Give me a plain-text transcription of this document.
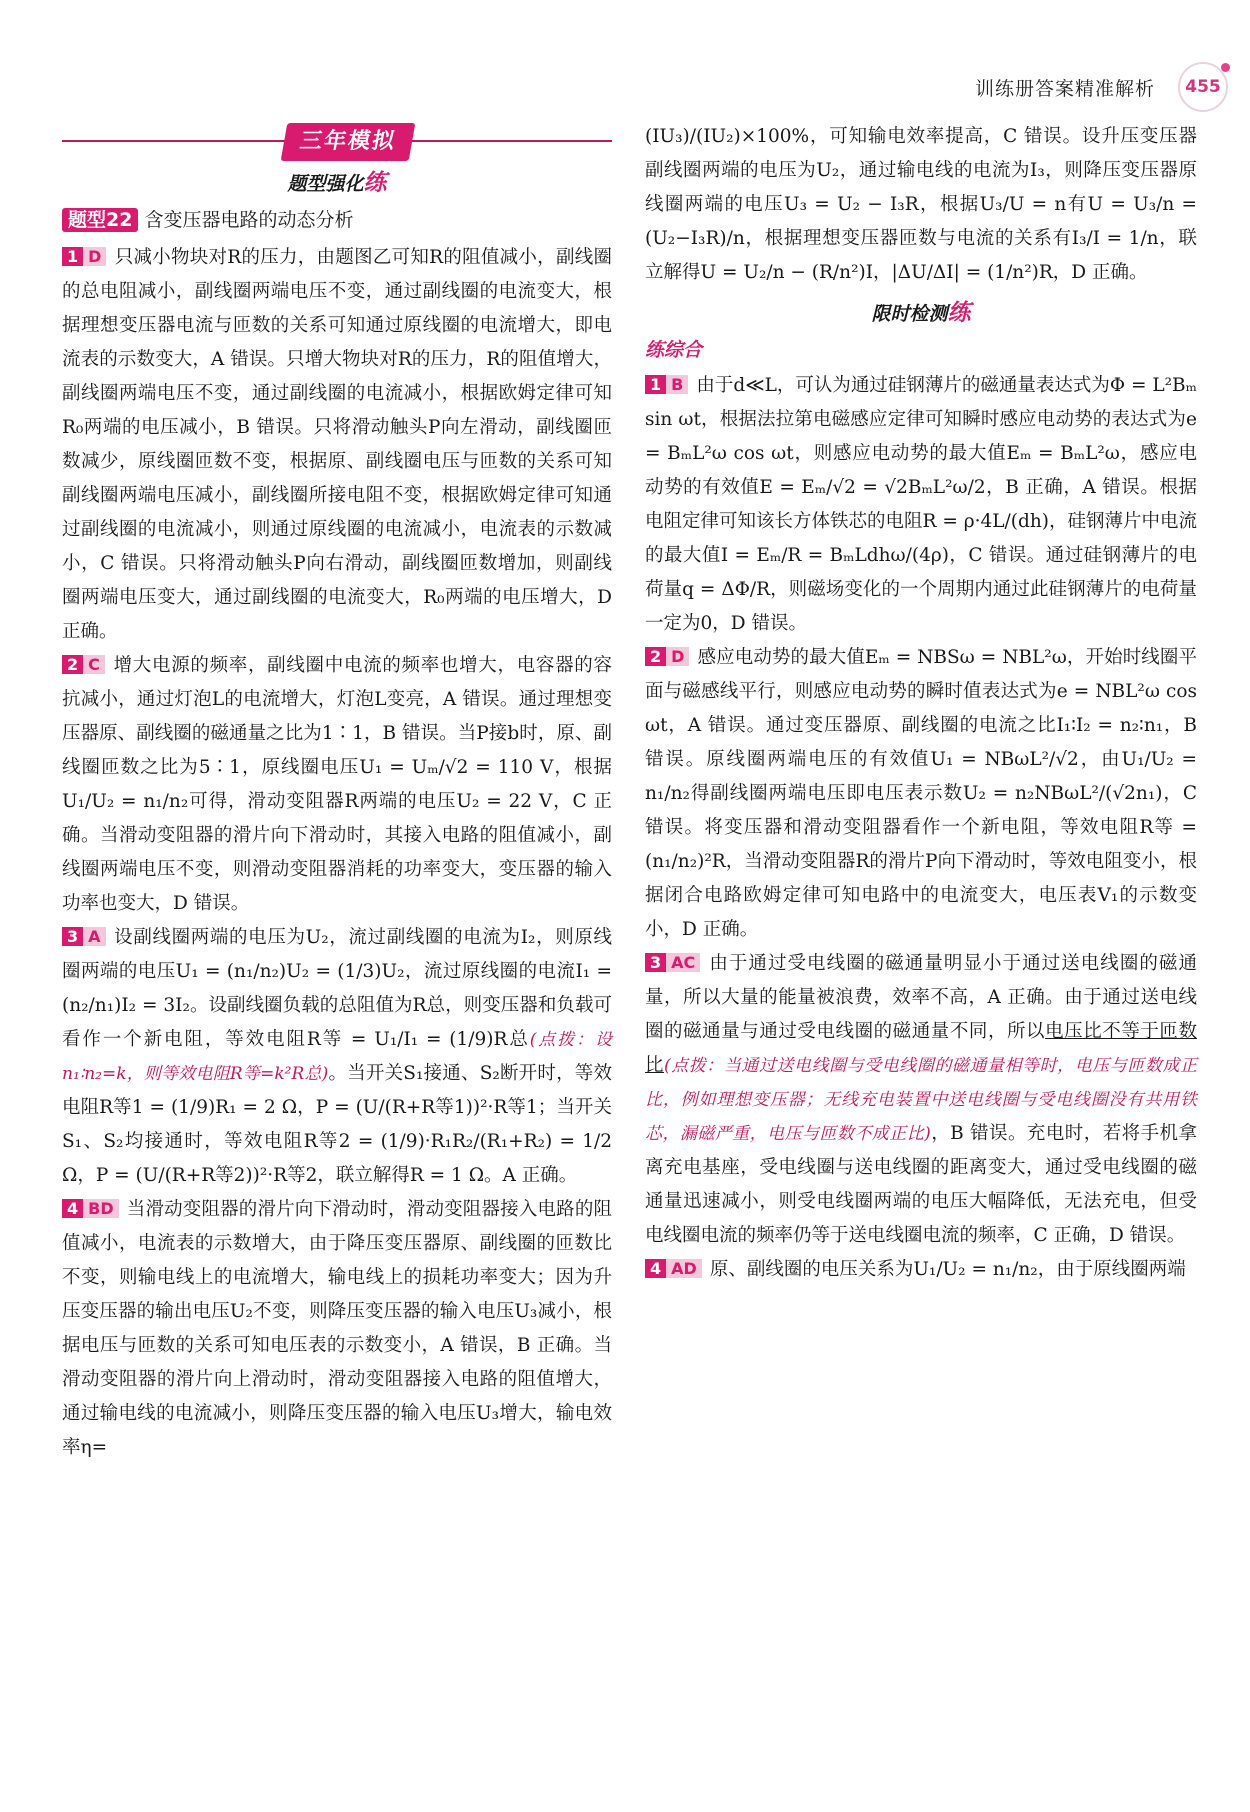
训练册答案精准解析	455
三年模拟
题型强化练
题型22 含变压器电路的动态分析

1 D 只减小物块对R的压力，由题图乙可知R的阻值减小，副线圈的总电阻减小，副线圈两端电压不变，通过副线圈的电流变大，根据理想变压器电流与匝数的关系可知通过原线圈的电流增大，即电流表的示数变大，A 错误。只增大物块对R的压力，R的阻值增大，副线圈两端电压不变，通过副线圈的电流减小，根据欧姆定律可知R₀两端的电压减小，B 错误。只将滑动触头P向左滑动，副线圈匝数减少，原线圈匝数不变，根据原、副线圈电压与匝数的关系可知副线圈两端电压减小，副线圈所接电阻不变，根据欧姆定律可知通过副线圈的电流减小，则通过原线圈的电流减小，电流表的示数减小，C 错误。只将滑动触头P向右滑动，副线圈匝数增加，则副线圈两端电压变大，通过副线圈的电流变大，R₀两端的电压增大，D 正确。

2 C 增大电源的频率，副线圈中电流的频率也增大，电容器的容抗减小，通过灯泡L的电流增大，灯泡L变亮，A 错误。通过理想变压器原、副线圈的磁通量之比为1∶1，B 错误。当P接b时，原、副线圈匝数之比为5∶1，原线圈电压U₁ = Uₘ/√2 = 110 V，根据U₁/U₂ = n₁/n₂可得，滑动变阻器R两端的电压U₂ = 22 V，C 正确。当滑动变阻器的滑片向下滑动时，其接入电路的阻值减小，副线圈两端电压不变，则滑动变阻器消耗的功率变大，变压器的输入功率也变大，D 错误。

3 A 设副线圈两端的电压为U₂，流过副线圈的电流为I₂，则原线圈两端的电压U₁ = (n₁/n₂)U₂ = (1/3)U₂，流过原线圈的电流I₁ = (n₂/n₁)I₂ = 3I₂。设副线圈负载的总阻值为R总，则变压器和负载可看作一个新电阻，等效电阻R等 = U₁/I₁ = (1/9)R总(点拨：设n₁∶n₂=k，则等效电阻R等=k²R总)。当开关S₁接通、S₂断开时，等效电阻R等1 = (1/9)R₁ = 2 Ω，P = (U/(R+R等1))²·R等1；当开关S₁、S₂均接通时，等效电阻R等2 = (1/9)·R₁R₂/(R₁+R₂) = 1/2 Ω，P = (U/(R+R等2))²·R等2，联立解得R = 1 Ω。A 正确。

4 BD 当滑动变阻器的滑片向下滑动时，滑动变阻器接入电路的阻值减小，电流表的示数增大，由于降压变压器原、副线圈的匝数比不变，则输电线上的电流增大，输电线上的损耗功率变大；因为升压变压器的输出电压U₂不变，则降压变压器的输入电压U₃减小，根据电压与匝数的关系可知电压表的示数变小，A 错误，B 正确。当滑动变阻器的滑片向上滑动时，滑动变阻器接入电路的阻值增大，通过输电线的电流减小，则降压变压器的输入电压U₃增大，输电效率η=

(IU₃)/(IU₂)×100%，可知输电效率提高，C 错误。设升压变压器副线圈两端的电压为U₂，通过输电线的电流为I₃，则降压变压器原线圈两端的电压U₃ = U₂ − I₃R，根据U₃/U = n有U = U₃/n = (U₂−I₃R)/n，根据理想变压器匝数与电流的关系有I₃/I = 1/n，联立解得U = U₂/n − (R/n²)I，|ΔU/ΔI| = (1/n²)R，D 正确。

限时检测练
练综合

1 B 由于d≪L，可认为通过硅钢薄片的磁通量表达式为Φ = L²Bₘ sin ωt，根据法拉第电磁感应定律可知瞬时感应电动势的表达式为e = BₘL²ω cos ωt，则感应电动势的最大值Eₘ = BₘL²ω，感应电动势的有效值E = Eₘ/√2 = √2BₘL²ω/2，B 正确，A 错误。根据电阻定律可知该长方体铁芯的电阻R = ρ·4L/(dh)，硅钢薄片中电流的最大值I = Eₘ/R = BₘLdhω/(4ρ)，C 错误。通过硅钢薄片的电荷量q = ΔΦ/R，则磁场变化的一个周期内通过此硅钢薄片的电荷量一定为0，D 错误。

2 D 感应电动势的最大值Eₘ = NBSω = NBL²ω，开始时线圈平面与磁感线平行，则感应电动势的瞬时值表达式为e = NBL²ω cos ωt，A 错误。通过变压器原、副线圈的电流之比I₁∶I₂ = n₂∶n₁，B 错误。原线圈两端电压的有效值U₁ = NBωL²/√2，由U₁/U₂ = n₁/n₂得副线圈两端电压即电压表示数U₂ = n₂NBωL²/(√2n₁)，C 错误。将变压器和滑动变阻器看作一个新电阻，等效电阻R等 = (n₁/n₂)²R，当滑动变阻器R的滑片P向下滑动时，等效电阻变小，根据闭合电路欧姆定律可知电路中的电流变大，电压表V₁的示数变小，D 正确。

3 AC 由于通过受电线圈的磁通量明显小于通过送电线圈的磁通量，所以大量的能量被浪费，效率不高，A 正确。由于通过送电线圈的磁通量与通过受电线圈的磁通量不同，所以电压比不等于匝数比(点拨：当通过送电线圈与受电线圈的磁通量相等时，电压与匝数成正比，例如理想变压器；无线充电装置中送电线圈与受电线圈没有共用铁芯，漏磁严重，电压与匝数不成正比)，B 错误。充电时，若将手机拿离充电基座，受电线圈与送电线圈的距离变大，通过受电线圈的磁通量迅速减小，则受电线圈两端的电压大幅降低，无法充电，但受电线圈电流的频率仍等于送电线圈电流的频率，C 正确，D 错误。

4 AD 原、副线圈的电压关系为U₁/U₂ = n₁/n₂，由于原线圈两端
